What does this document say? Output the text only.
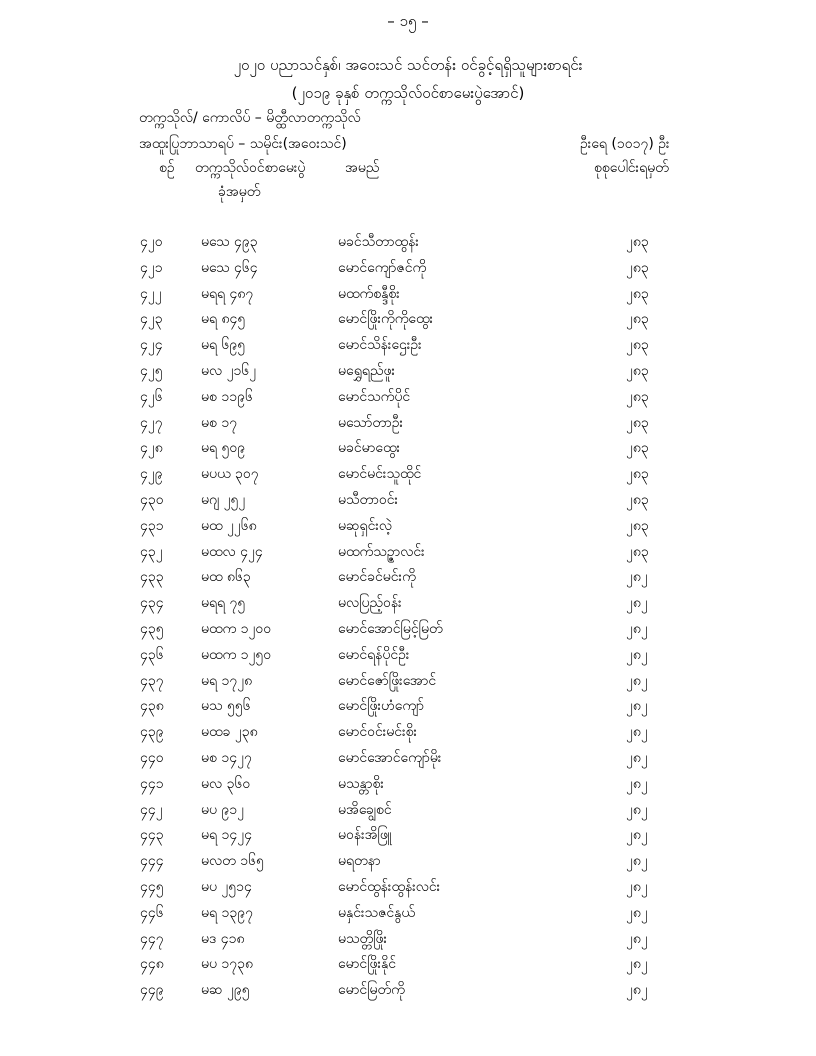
– ၁၅ –
၂၀၂၀ ပညာသင်နှစ်၊ အဝေးသင် သင်တန်း ဝင်ခွင့်ရရှိသူများစာရင်း
(၂၀၁၉ ခုနှစ် တက္ကသိုလ်ဝင်စာမေးပွဲအောင်)
တက္ကသိုလ်/ ကောလိပ် – မိတ္ထီလာတက္ကသိုလ်
အထူးပြုဘာသာရပ် – သမိုင်း(အဝေးသင်)	ဦးရေ (၁၀၁၇) ဦး
စဉ် တက္ကသိုလ်ဝင်စာမေးပွဲ
ခုံအမှတ်
အမည်	စုစုပေါင်းရမှတ်
၄၂၀	မသေ ၄၉၃	မခင်သီတာထွန်း	၂၈၃
၄၂၁	မသေ ၄၆၄	မောင်ကျော်ဇင်ကို	၂၈၃
၄၂၂	မရရ ၄၈၇	မထက်စန္ဒီစိုး	၂၈၃
၄၂၃	မရ ၈၄၅	မောင်ဖြိုးကိုကိုထွေး	၂၈၃
၄၂၄	မရ ၆၉၅	မောင်သိန်းဌေးဦး	၂၈၃
၄၂၅	မလ ၂၁၆၂	မရွှေရည်ဖူး	၂၈၃
၄၂၆	မစ ၁၁၉၆	မောင်သက်ပိုင်	၂၈၃
၄၂၇	မစ ၁၇	မသော်တာဦး	၂၈၃
၄၂၈	မရ ၅၀၉	မခင်မာထွေး	၂၈၃
၄၂၉	မပယ ၃၀၇	မောင်မင်းသူထိုင်	၂၈၃
၄၃၀	မဂျ ၂၅၂	မသီတာဝင်း	၂၈၃
၄၃၁	မထ ၂၂၆၈	မဆုရှင်းလဲ့	၂၈၃
၄၃၂	မထလ ၄၂၄	မထက်သဉ္ဇာလင်း	၂၈၃
၄၃၃	မထ ၈၆၃	မောင်ခင်မင်းကို	၂၈၂
၄၃၄	မရရ ၇၅	မလပြည့်ဝန်း	၂၈၂
၄၃၅	မထက ၁၂၀၀	မောင်အောင်မြင့်မြတ်	၂၈၂
၄၃၆	မထက ၁၂၅၀	မောင်ရန်ပိုင်ဦး	၂၈၂
၄၃၇	မရ ၁၇၂၈	မောင်ဇော်ဖြိုးအောင်	၂၈၂
၄၃၈	မသ ၅၅၆	မောင်ဖြိုးဟံကျော်	၂၈၂
၄၃၉	မထခ ၂၃၈	မောင်ဝင်းမင်းစိုး	၂၈၂
၄၄၀	မစ ၁၄၂၇	မောင်အောင်ကျော်မိုး	၂၈၂
၄၄၁	မလ ၃၆၀	မသန္တာစိုး	၂၈၂
၄၄၂	မပ ၉၁၂	မအိချွေစင်	၂၈၂
၄၄၃	မရ ၁၄၂၄	မဝန်းအိဖြူ	၂၈၂
၄၄၄	မလတ ၁၆၅	မရတနာ	၂၈၂
၄၄၅	မပ ၂၅၁၄	မောင်ထွန်းထွန်းလင်း	၂၈၂
၄၄၆	မရ ၁၃၉၇	မနှင်းသဇင်နွယ်	၂၈၂
၄၄၇	မဒ ၄၁၈	မသတ္တိဖြိုး	၂၈၂
၄၄၈	မပ ၁၇၃၈	မောင်ဖြိုးနိုင်	၂၈၂
၄၄၉	မဆ ၂၉၅	မောင်မြတ်ကို	၂၈၂
